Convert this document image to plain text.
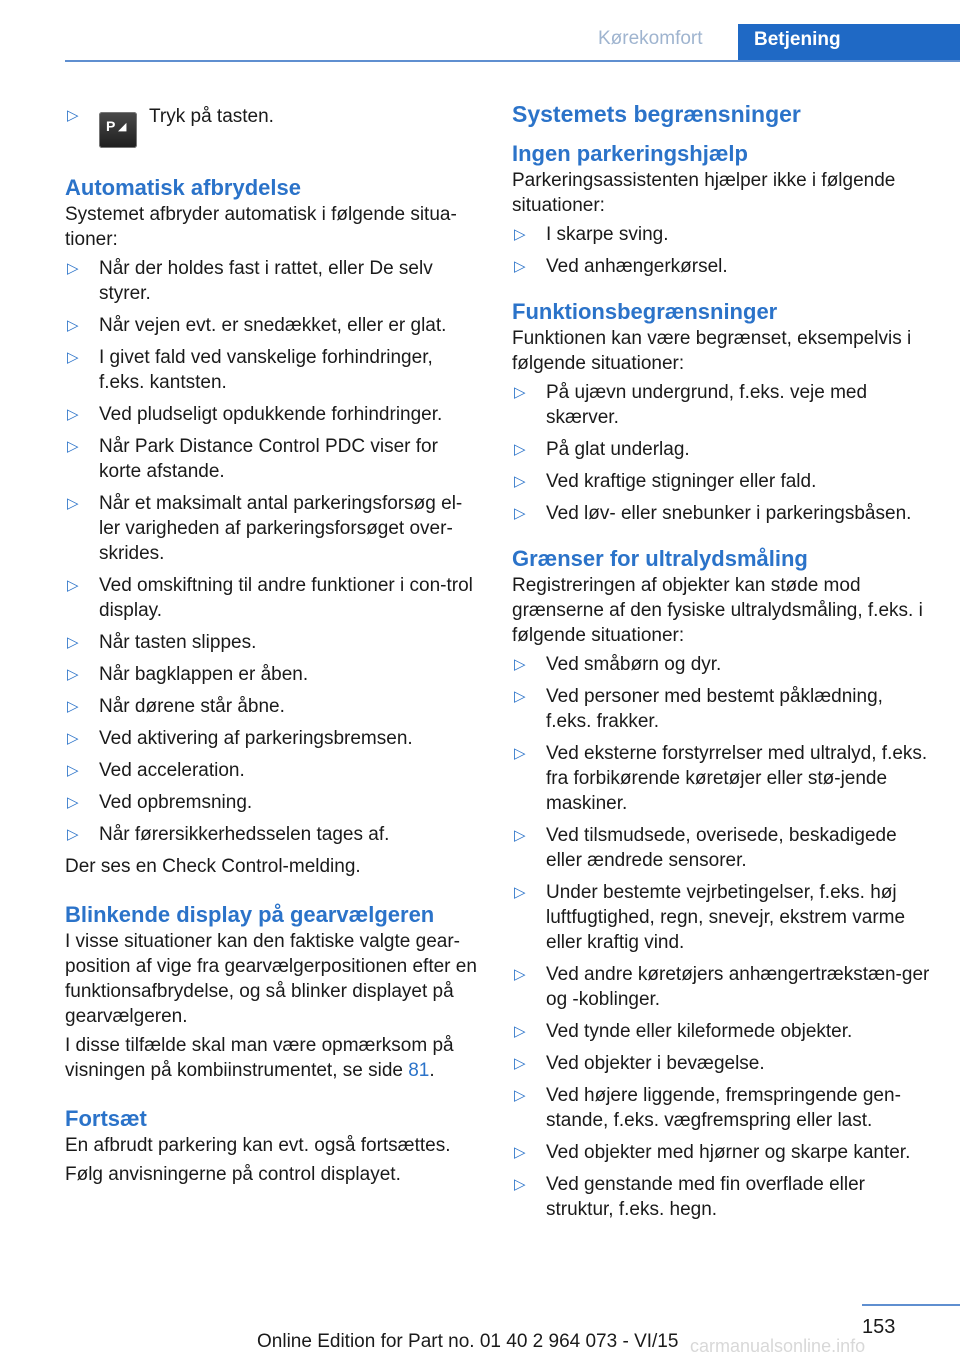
Kørekomfort	Betjening
▷
P ◢ Tryk på tasten.
Automatisk afbrydelse

Systemet afbryder automatisk i følgende situa-tioner:

▷ Når der holdes fast i rattet, eller De selv styrer.
▷ Når vejen evt. er snedækket, eller er glat.
▷ I givet fald ved vanskelige forhindringer, f.eks. kantsten.
▷ Ved pludseligt opdukkende forhindringer.
▷ Når Park Distance Control PDC viser for korte afstande.
▷ Når et maksimalt antal parkeringsforsøg el-ler varigheden af parkeringsforsøget over-skrides.
▷ Ved omskiftning til andre funktioner i con-trol display.
▷ Når tasten slippes.
▷ Når bagklappen er åben.
▷ Når dørene står åbne.
▷ Ved aktivering af parkeringsbremsen.
▷ Ved acceleration.
▷ Ved opbremsning.
▷ Når førersikkerhedsselen tages af.

Der ses en Check Control-melding.

Blinkende display på gearvælgeren

I visse situationer kan den faktiske valgte gear-position af vige fra gearvælgerpositionen efter en funktionsafbrydelse, og så blinker displayet på gearvælgeren.

I disse tilfælde skal man være opmærksom på visningen på kombiinstrumentet, se side 81.

Fortsæt

En afbrudt parkering kan evt. også fortsættes.

Følg anvisningerne på control displayet.

Systemets begrænsninger
Ingen parkeringshjælp

Parkeringsassistenten hjælper ikke i følgende situationer:

▷ I skarpe sving.
▷ Ved anhængerkørsel.
Funktionsbegrænsninger

Funktionen kan være begrænset, eksempelvis i følgende situationer:

▷ På ujævn undergrund, f.eks. veje med skærver.
▷ På glat underlag.
▷ Ved kraftige stigninger eller fald.
▷ Ved løv- eller snebunker i parkeringsbåsen.
Grænser for ultralydsmåling

Registreringen af objekter kan støde mod grænserne af den fysiske ultralydsmåling, f.eks. i følgende situationer:

▷ Ved småbørn og dyr.
▷ Ved personer med bestemt påklædning, f.eks. frakker.
▷ Ved eksterne forstyrrelser med ultralyd, f.eks. fra forbikørende køretøjer eller stø-jende maskiner.
▷ Ved tilsmudsede, overisede, beskadigede eller ændrede sensorer.
▷ Under bestemte vejrbetingelser, f.eks. høj luftfugtighed, regn, snevejr, ekstrem varme eller kraftig vind.
▷ Ved andre køretøjers anhængertrækstæn-ger og -koblinger.
▷ Ved tynde eller kileformede objekter.
▷ Ved objekter i bevægelse.
▷ Ved højere liggende, fremspringende gen-stande, f.eks. vægfremspring eller last.
▷ Ved objekter med hjørner og skarpe kanter.
▷ Ved genstande med fin overflade eller struktur, f.eks. hegn.
153
Online Edition for Part no. 01 40 2 964 073 - VI/15 carmanualsonline.info
